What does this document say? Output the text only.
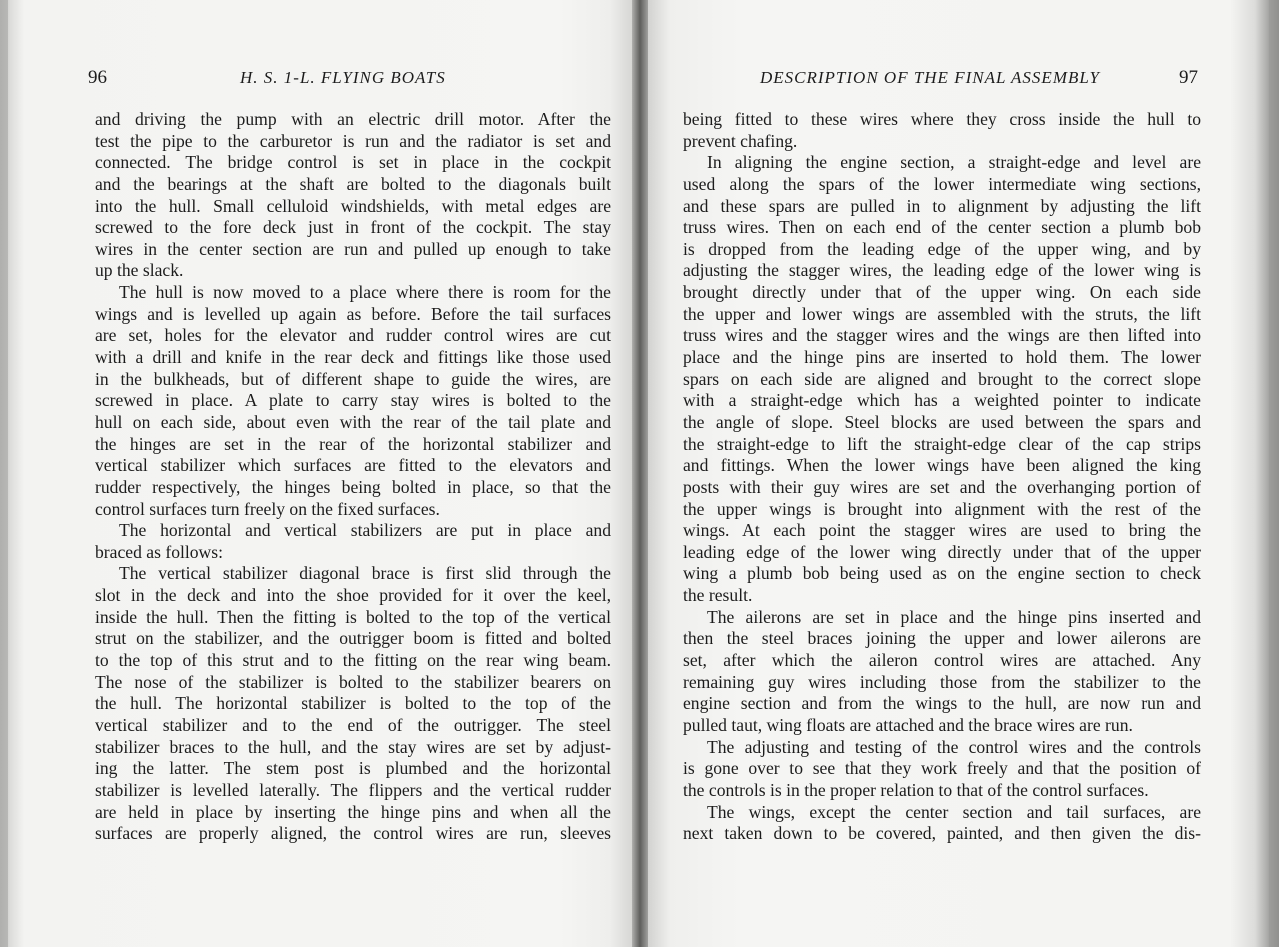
96	H. S. 1-L. FLYING BOATS
and driving the pump with an electric drill motor. After the
test the pipe to the carburetor is run and the radiator is set and
connected. The bridge control is set in place in the cockpit
and the bearings at the shaft are bolted to the diagonals built
into the hull. Small celluloid windshields, with metal edges are
screwed to the fore deck just in front of the cockpit. The stay
wires in the center section are run and pulled up enough to take
up the slack.
The hull is now moved to a place where there is room for the
wings and is levelled up again as before. Before the tail surfaces
are set, holes for the elevator and rudder control wires are cut
with a drill and knife in the rear deck and fittings like those used
in the bulkheads, but of different shape to guide the wires, are
screwed in place. A plate to carry stay wires is bolted to the
hull on each side, about even with the rear of the tail plate and
the hinges are set in the rear of the horizontal stabilizer and
vertical stabilizer which surfaces are fitted to the elevators and
rudder respectively, the hinges being bolted in place, so that the
control surfaces turn freely on the fixed surfaces.
The horizontal and vertical stabilizers are put in place and
braced as follows:
The vertical stabilizer diagonal brace is first slid through the
slot in the deck and into the shoe provided for it over the keel,
inside the hull. Then the fitting is bolted to the top of the vertical
strut on the stabilizer, and the outrigger boom is fitted and bolted
to the top of this strut and to the fitting on the rear wing beam.
The nose of the stabilizer is bolted to the stabilizer bearers on
the hull. The horizontal stabilizer is bolted to the top of the
vertical stabilizer and to the end of the outrigger. The steel
stabilizer braces to the hull, and the stay wires are set by adjust-
ing the latter. The stem post is plumbed and the horizontal
stabilizer is levelled laterally. The flippers and the vertical rudder
are held in place by inserting the hinge pins and when all the
surfaces are properly aligned, the control wires are run, sleeves
DESCRIPTION OF THE FINAL ASSEMBLY	97
being fitted to these wires where they cross inside the hull to
prevent chafing.
In aligning the engine section, a straight-edge and level are
used along the spars of the lower intermediate wing sections,
and these spars are pulled in to alignment by adjusting the lift
truss wires. Then on each end of the center section a plumb bob
is dropped from the leading edge of the upper wing, and by
adjusting the stagger wires, the leading edge of the lower wing is
brought directly under that of the upper wing. On each side
the upper and lower wings are assembled with the struts, the lift
truss wires and the stagger wires and the wings are then lifted into
place and the hinge pins are inserted to hold them. The lower
spars on each side are aligned and brought to the correct slope
with a straight-edge which has a weighted pointer to indicate
the angle of slope. Steel blocks are used between the spars and
the straight-edge to lift the straight-edge clear of the cap strips
and fittings. When the lower wings have been aligned the king
posts with their guy wires are set and the overhanging portion of
the upper wings is brought into alignment with the rest of the
wings. At each point the stagger wires are used to bring the
leading edge of the lower wing directly under that of the upper
wing a plumb bob being used as on the engine section to check
the result.
The ailerons are set in place and the hinge pins inserted and
then the steel braces joining the upper and lower ailerons are
set, after which the aileron control wires are attached. Any
remaining guy wires including those from the stabilizer to the
engine section and from the wings to the hull, are now run and
pulled taut, wing floats are attached and the brace wires are run.
The adjusting and testing of the control wires and the controls
is gone over to see that they work freely and that the position of
the controls is in the proper relation to that of the control surfaces.
The wings, except the center section and tail surfaces, are
next taken down to be covered, painted, and then given the dis-
